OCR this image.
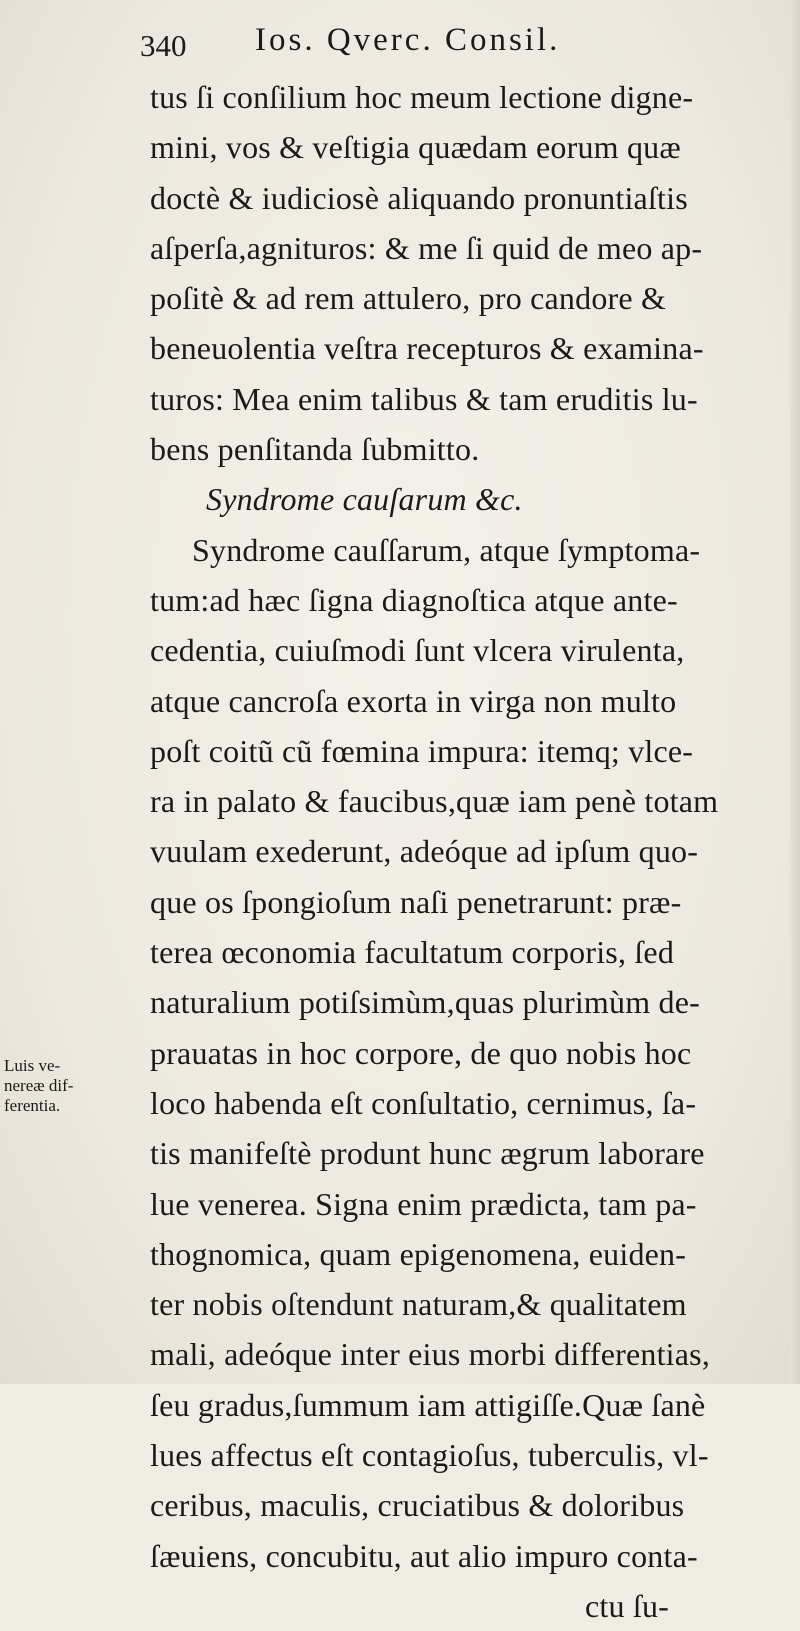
340 Ios. Qverc. Consil.
Luis ve-
nereæ dif-
ferentia.
tus ſi conſilium hoc meum lectione digne-
mini, vos & veſtigia quædam eorum quæ
doctè & iudiciosè aliquando pronuntiaſtis
aſperſa,agnituros: & me ſi quid de meo ap-
poſitè & ad rem attulero, pro candore &
beneuolentia veſtra recepturos & examina-
turos: Mea enim talibus & tam eruditis lu-
bens penſitanda ſubmitto.
Syndrome cauſarum &c.
Syndrome cauſſarum, atque ſymptoma-
tum:ad hæc ſigna diagnoſtica atque ante-
cedentia, cuiuſmodi ſunt vlcera virulenta,
atque cancroſa exorta in virga non multo
poſt coitũ cũ fœmina impura: itemq; vlce-
ra in palato & faucibus,quæ iam penè totam
vuulam exederunt, adeóque ad ipſum quo-
que os ſpongioſum naſi penetrarunt: præ-
terea œconomia facultatum corporis, ſed
naturalium potiſsimùm,quas plurimùm de-
prauatas in hoc corpore, de quo nobis hoc
loco habenda eſt conſultatio, cernimus, ſa-
tis manifeſtè produnt hunc ægrum laborare
lue venerea. Signa enim prædicta, tam pa-
thognomica, quam epigenomena, euiden-
ter nobis oſtendunt naturam,& qualitatem
mali, adeóque inter eius morbi differentias,
ſeu gradus,ſummum iam attigiſſe.Quæ ſanè
lues affectus eſt contagioſus, tuberculis, vl-
ceribus, maculis, cruciatibus & doloribus
ſæuiens, concubitu, aut alio impuro conta-
ctu ſu-
